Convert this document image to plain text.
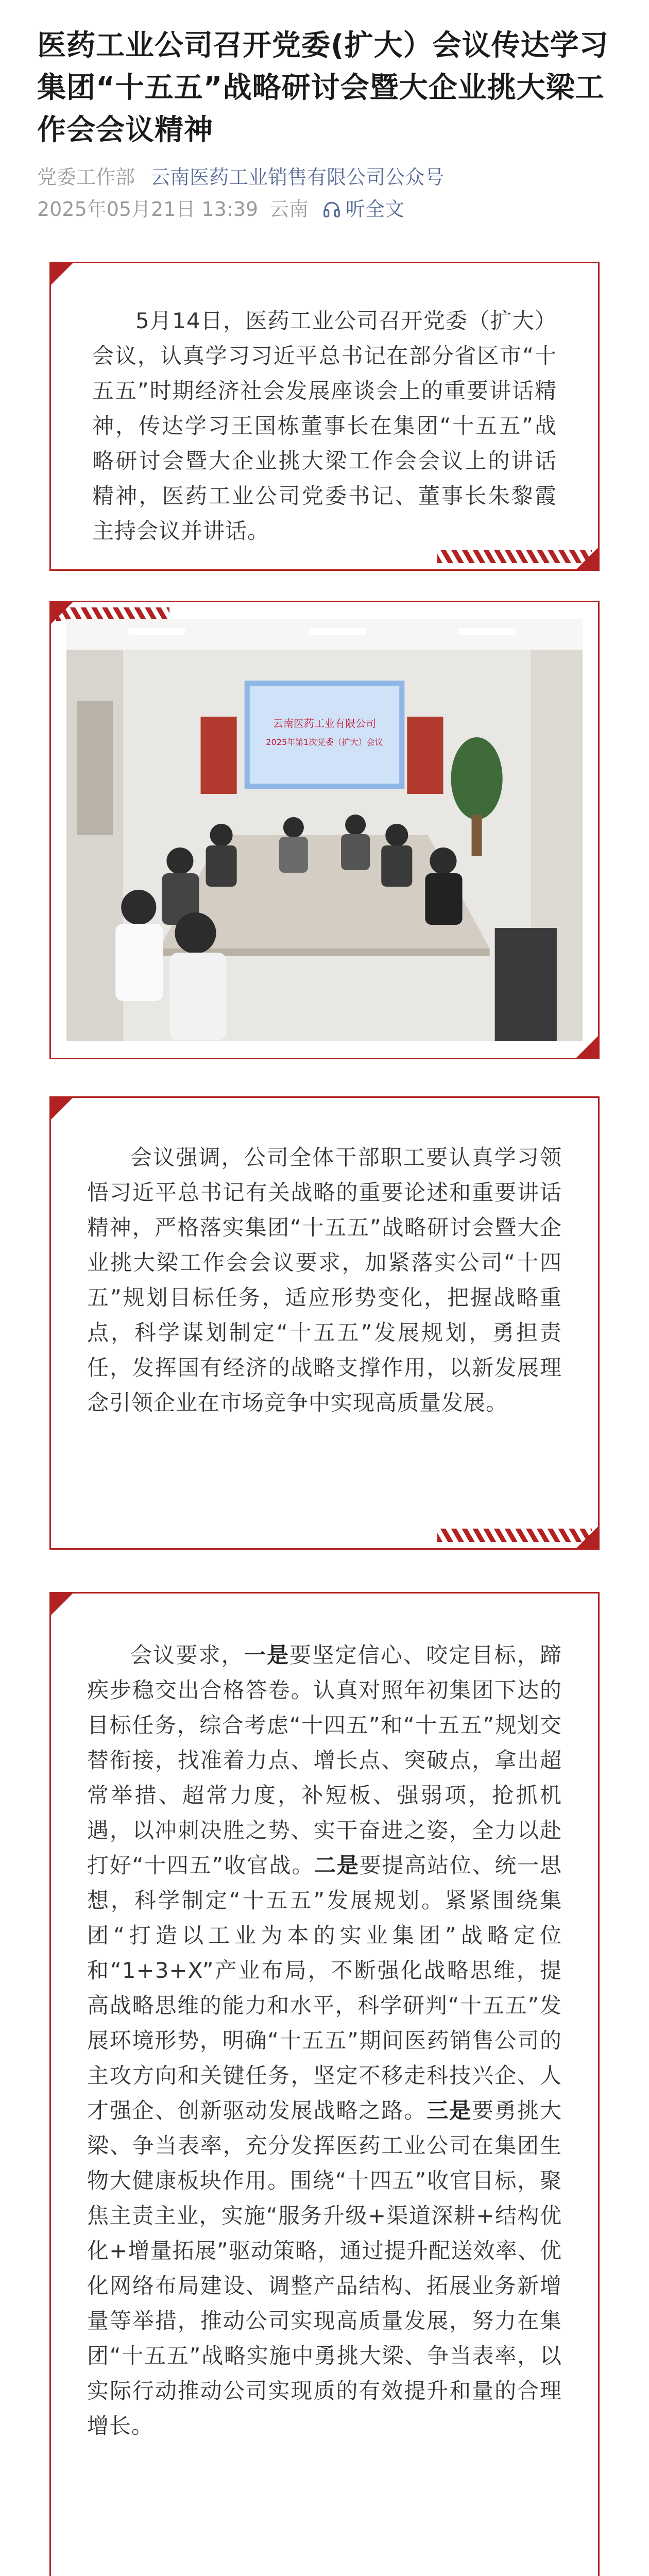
医药工业公司召开党委(扩大）会议传达学习集团“十五五”战略研讨会暨大企业挑大梁工作会会议精神
党委工作部 云南医药工业销售有限公司公众号
2025年05月21日 13:39 云南 听全文

5月14日，医药工业公司召开党委（扩大）会议，认真学习习近平总书记在部分省区市“十五五”时期经济社会发展座谈会上的重要讲话精神，传达学习王国栋董事长在集团“十五五”战略研讨会暨大企业挑大梁工作会会议上的讲话精神，医药工业公司党委书记、董事长朱黎霞主持会议并讲话。

云南医药工业有限公司
2025年第1次党委（扩大）会议

会议强调，公司全体干部职工要认真学习领悟习近平总书记有关战略的重要论述和重要讲话精神，严格落实集团“十五五”战略研讨会暨大企业挑大梁工作会会议要求，加紧落实公司“十四五”规划目标任务，适应形势变化，把握战略重点，科学谋划制定“十五五”发展规划，勇担责任，发挥国有经济的战略支撑作用，以新发展理念引领企业在市场竞争中实现高质量发展。

会议要求，一是要坚定信心、咬定目标，蹄疾步稳交出合格答卷。认真对照年初集团下达的目标任务，综合考虑“十四五”和“十五五”规划交替衔接，找准着力点、增长点、突破点，拿出超常举措、超常力度，补短板、强弱项，抢抓机遇，以冲刺决胜之势、实干奋进之姿，全力以赴打好“十四五”收官战。二是要提高站位、统一思想，科学制定“十五五”发展规划。紧紧围绕集团“打造以工业为本的实业集团”战略定位和“1+3+X”产业布局，不断强化战略思维，提高战略思维的能力和水平，科学研判“十五五”发展环境形势，明确“十五五”期间医药销售公司的主攻方向和关键任务，坚定不移走科技兴企、人才强企、创新驱动发展战略之路。三是要勇挑大梁、争当表率，充分发挥医药工业公司在集团生物大健康板块作用。围绕“十四五”收官目标，聚焦主责主业，实施“服务升级+渠道深耕+结构优化+增量拓展”驱动策略，通过提升配送效率、优化网络布局建设、调整产品结构、拓展业务新增量等举措，推动公司实现高质量发展，努力在集团“十五五”战略实施中勇挑大梁、争当表率，以实际行动推动公司实现质的有效提升和量的合理增长。
